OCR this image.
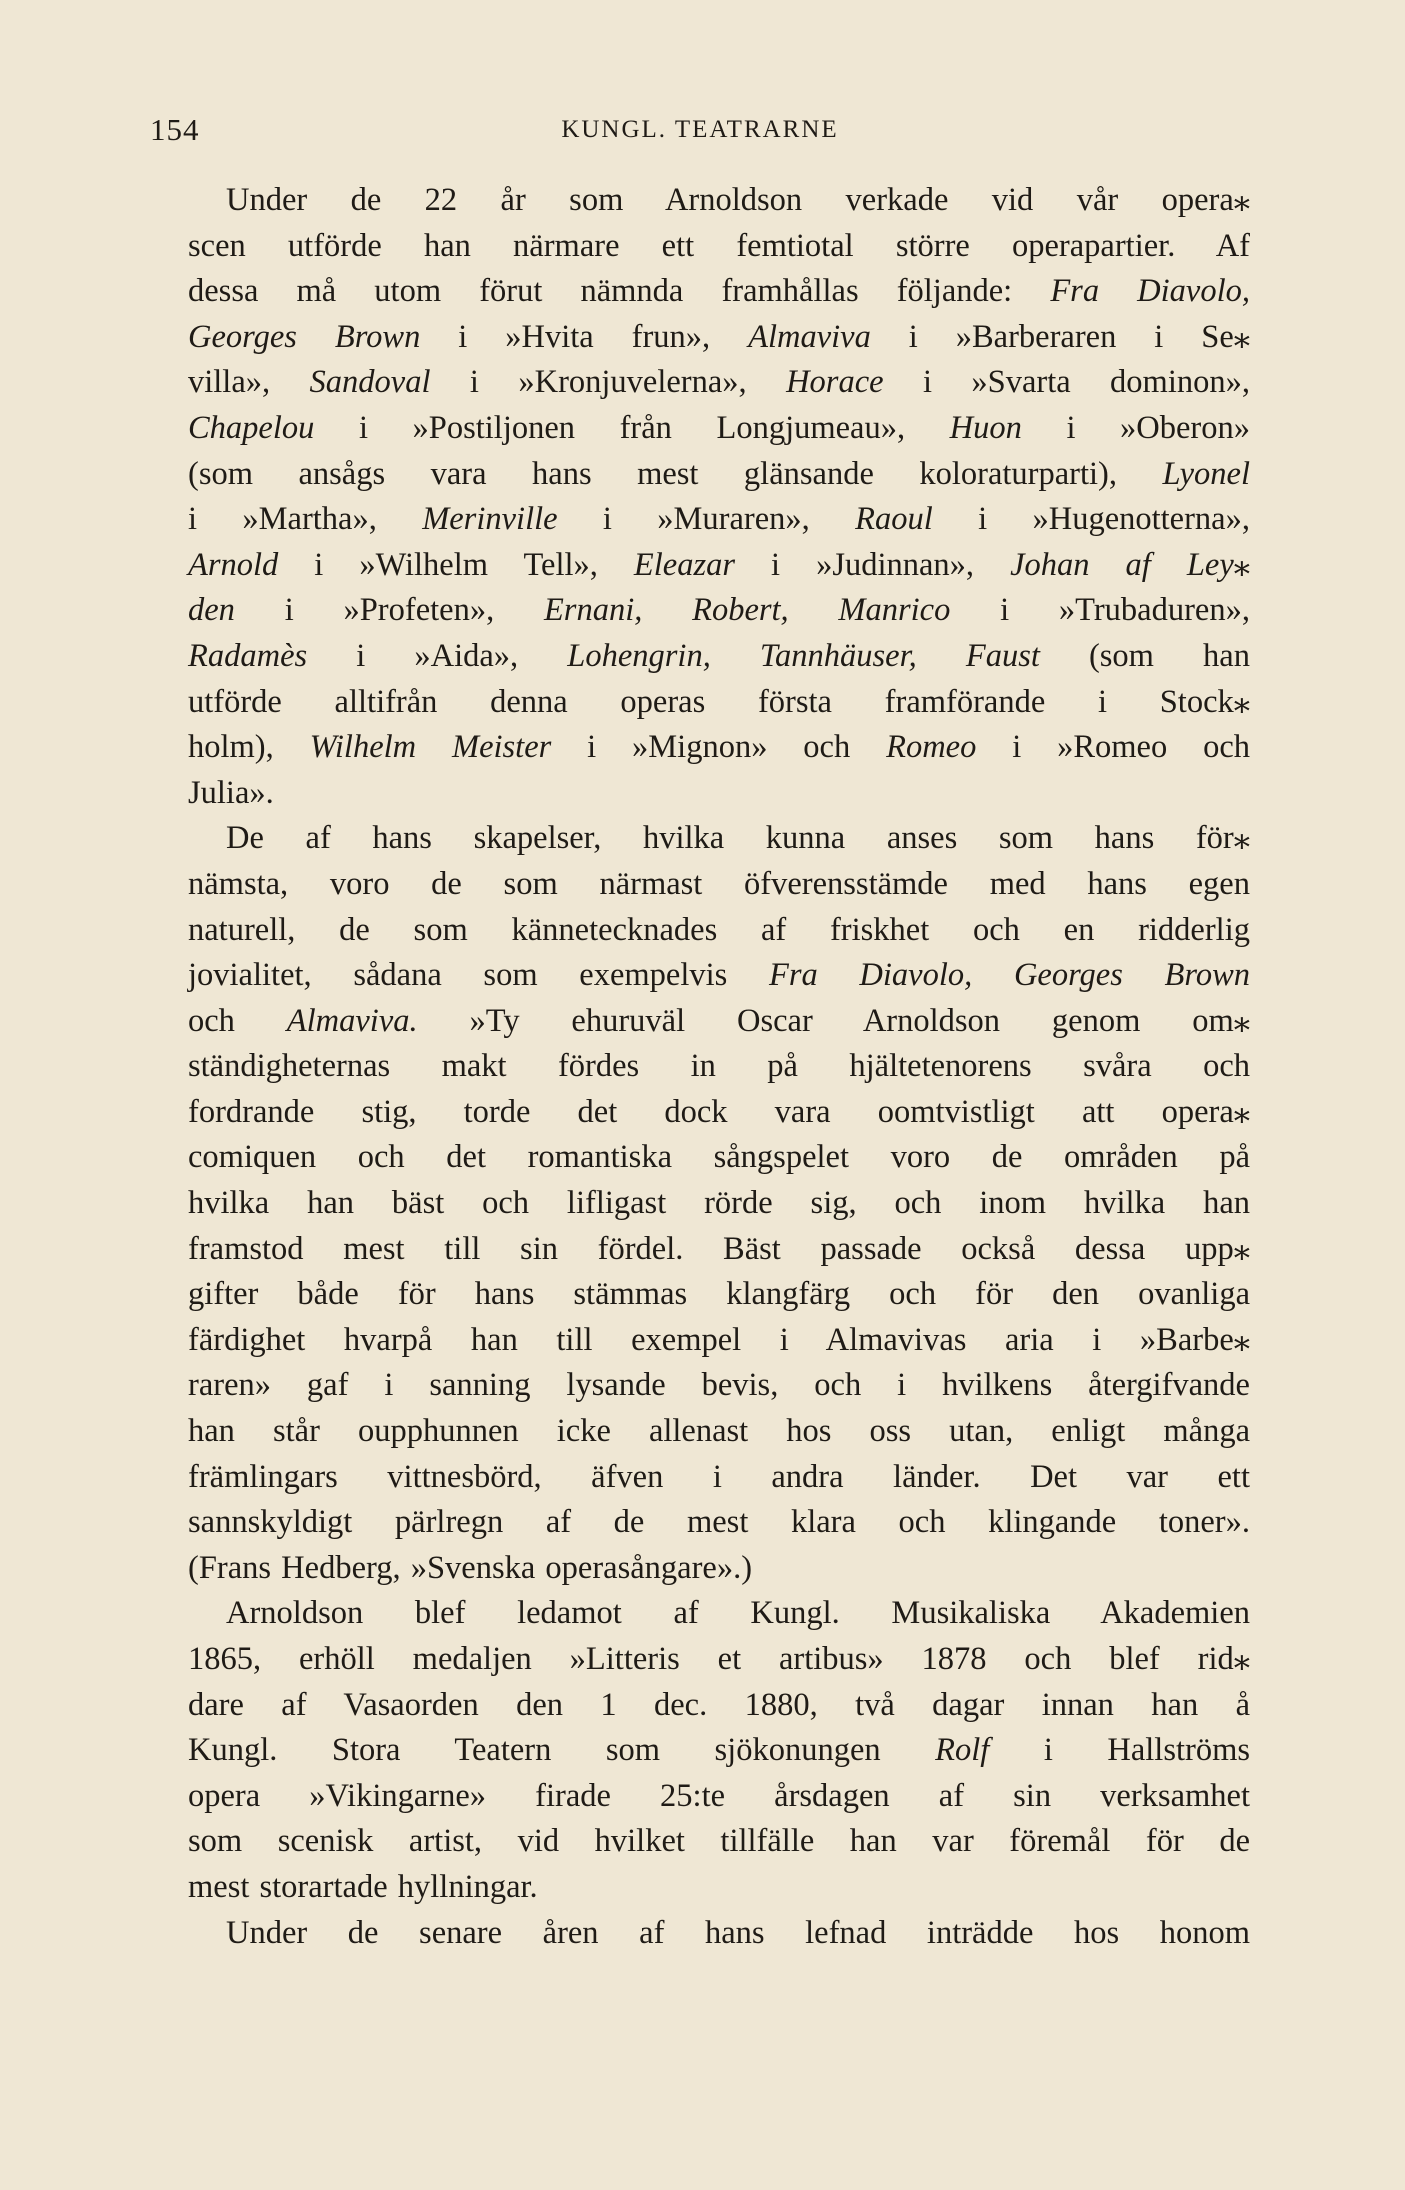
154	KUNGL. TEATRARNE
Under de 22 år som Arnoldson verkade vid vår opera⁎
scen utförde han närmare ett femtiotal större operapartier. Af
dessa må utom förut nämnda framhållas följande: Fra Diavolo,
Georges Brown i »Hvita frun», Almaviva i »Barberaren i Se⁎
villa», Sandoval i »Kronjuvelerna», Horace i »Svarta dominon»,
Chapelou i »Postiljonen från Longjumeau», Huon i »Oberon»
(som ansågs vara hans mest glänsande koloraturparti), Lyonel
i »Martha», Merinville i »Muraren», Raoul i »Hugenotterna»,
Arnold i »Wilhelm Tell», Eleazar i »Judinnan», Johan af Ley⁎
den i »Profeten», Ernani, Robert, Manrico i »Trubaduren»,
Radamès i »Aida», Lohengrin, Tannhäuser, Faust (som han
utförde alltifrån denna operas första framförande i Stock⁎
holm), Wilhelm Meister i »Mignon» och Romeo i »Romeo och
Julia».
De af hans skapelser, hvilka kunna anses som hans för⁎
nämsta, voro de som närmast öfverensstämde med hans egen
naturell, de som kännetecknades af friskhet och en ridderlig
jovialitet, sådana som exempelvis Fra Diavolo, Georges Brown
och Almaviva. »Ty ehuruväl Oscar Arnoldson genom om⁎
ständigheternas makt fördes in på hjältetenorens svåra och
fordrande stig, torde det dock vara oomtvistligt att opera⁎
comiquen och det romantiska sångspelet voro de områden på
hvilka han bäst och lifligast rörde sig, och inom hvilka han
framstod mest till sin fördel. Bäst passade också dessa upp⁎
gifter både för hans stämmas klangfärg och för den ovanliga
färdighet hvarpå han till exempel i Almavivas aria i »Barbe⁎
raren» gaf i sanning lysande bevis, och i hvilkens återgifvande
han står oupphunnen icke allenast hos oss utan, enligt många
främlingars vittnesbörd, äfven i andra länder. Det var ett
sannskyldigt pärlregn af de mest klara och klingande toner».
(Frans Hedberg, »Svenska operasångare».)
Arnoldson blef ledamot af Kungl. Musikaliska Akademien
1865, erhöll medaljen »Litteris et artibus» 1878 och blef rid⁎
dare af Vasaorden den 1 dec. 1880, två dagar innan han å
Kungl. Stora Teatern som sjökonungen Rolf i Hallströms
opera »Vikingarne» firade 25:te årsdagen af sin verksamhet
som scenisk artist, vid hvilket tillfälle han var föremål för de
mest storartade hyllningar.
Under de senare åren af hans lefnad inträdde hos honom
